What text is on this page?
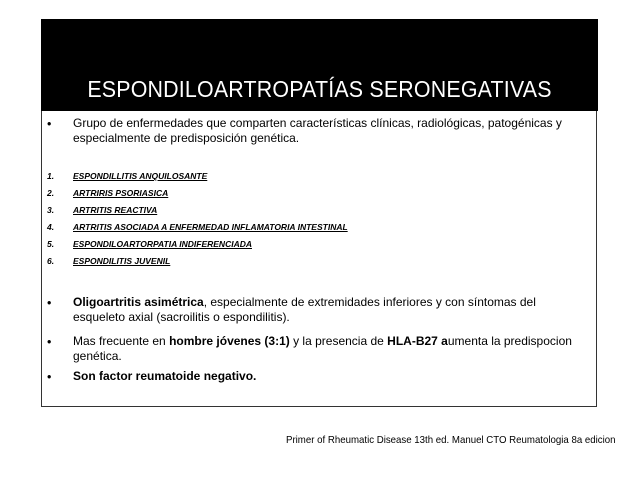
ESPONDILOARTROPATÍAS SERONEGATIVAS
• Grupo de enfermedades que comparten características clínicas, radiológicas, patogénicas y especialmente de predisposición genética.
1. ESPONDILLITIS ANQUILOSANTE
2. ARTRIRIS PSORIASICA
3. ARTRITIS REACTIVA
4. ARTRITIS ASOCIADA A ENFERMEDAD INFLAMATORIA INTESTINAL
5. ESPONDILOARTORPATIA INDIFERENCIADA
6. ESPONDILITIS JUVENIL
• Oligoartritis asimétrica, especialmente de extremidades inferiores y con síntomas del esqueleto axial (sacroilitis o espondilitis).
• Mas frecuente en hombre jóvenes (3:1) y la presencia de HLA-B27 aumenta la predispocion genética.
• Son factor reumatoide negativo.
Primer of Rheumatic Disease 13th ed. Manuel CTO Reumatologia 8a edicion
